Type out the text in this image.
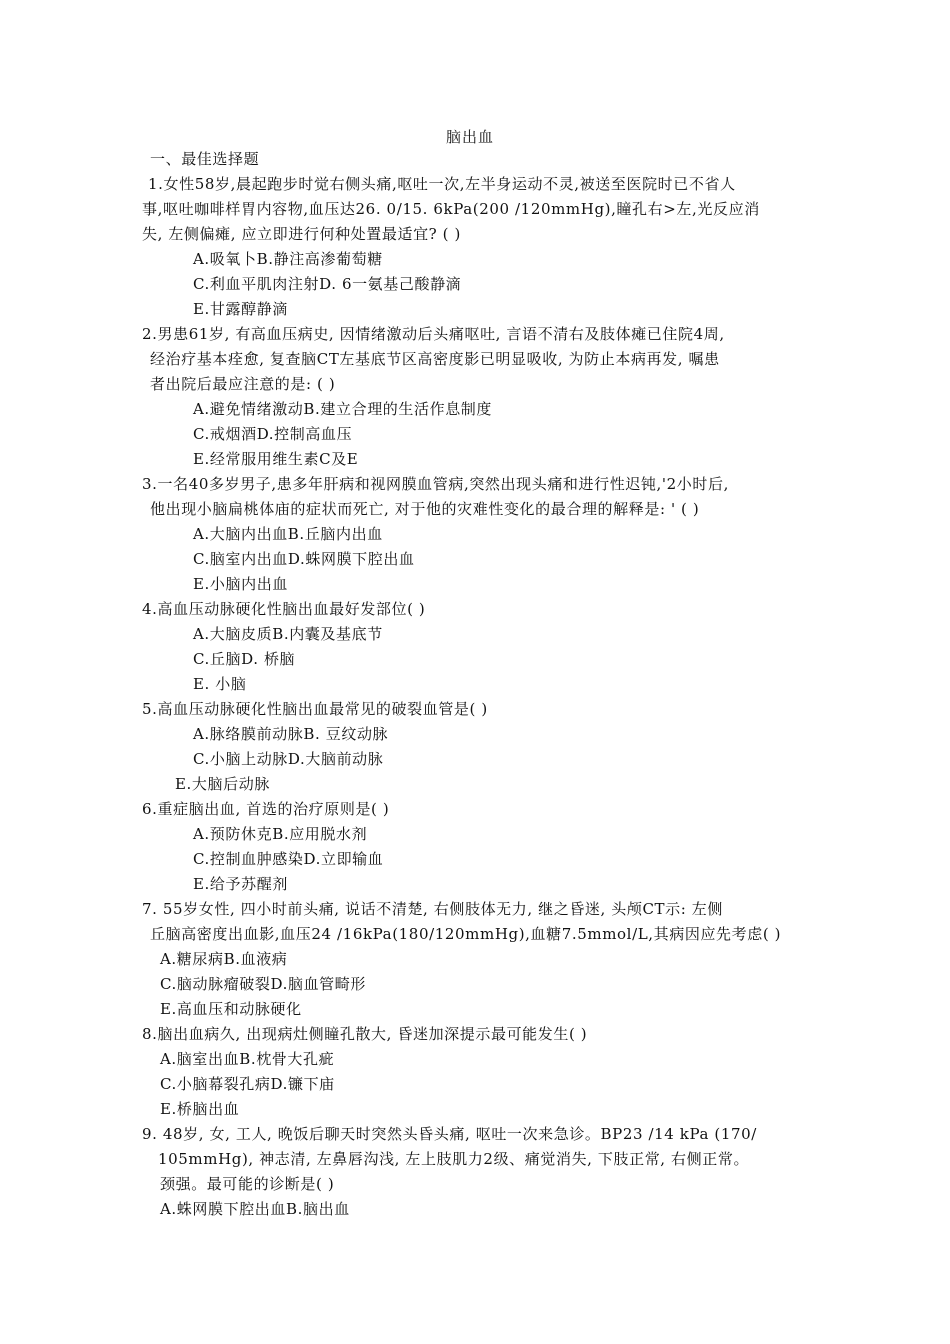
脑出血
一、最佳选择题
1.女性58岁,晨起跑步时觉右侧头痛,呕吐一次,左半身运动不灵,被送至医院时已不省人
事,呕吐咖啡样胃内容物,血压达26. 0/15. 6kPa(200 /120mmHg),瞳孔右>左,光反应消
失, 左侧偏瘫, 应立即进行何种处置最适宜? ( )
A.吸氧卜B.静注高渗葡萄糖
C.利血平肌肉注射D. 6一氨基己酸静滴
E.甘露醇静滴
2.男患61岁, 有高血压病史, 因情绪激动后头痛呕吐, 言语不清右及肢体瘫已住院4周,
经治疗基本痊愈, 复查脑CT左基底节区高密度影已明显吸收, 为防止本病再发, 嘱患
者出院后最应注意的是: ( )
A.避免情绪激动B.建立合理的生活作息制度
C.戒烟酒D.控制高血压
E.经常服用维生素C及E
3.一名40多岁男子,患多年肝病和视网膜血管病,突然出现头痛和进行性迟钝,'2小时后,
他出现小脑扁桃体庙的症状而死亡, 对于他的灾难性变化的最合理的解释是: ' ( )
A.大脑内出血B.丘脑内出血
C.脑室内出血D.蛛网膜下腔出血
E.小脑内出血
4.高血压动脉硬化性脑出血最好发部位( )
A.大脑皮质B.内囊及基底节
C.丘脑D. 桥脑
E. 小脑
5.高血压动脉硬化性脑出血最常见的破裂血管是( )
A.脉络膜前动脉B. 豆纹动脉
C.小脑上动脉D.大脑前动脉
E.大脑后动脉
6.重症脑出血, 首选的治疗原则是( )
A.预防休克B.应用脱水剂
C.控制血肿感染D.立即输血
E.给予苏醒剂
7. 55岁女性, 四小时前头痛, 说话不清楚, 右侧肢体无力, 继之昏迷, 头颅CT示: 左侧
丘脑高密度出血影,血压24 /16kPa(180/120mmHg),血糖7.5mmol/L,其病因应先考虑( )
A.糖尿病B.血液病
C.脑动脉瘤破裂D.脑血管畸形
E.高血压和动脉硬化
8.脑出血病久, 出现病灶侧瞳孔散大, 昏迷加深提示最可能发生( )
A.脑室出血B.枕骨大孔疵
C.小脑幕裂孔病D.镰下庙
E.桥脑出血
9. 48岁, 女, 工人, 晚饭后聊天时突然头昏头痛, 呕吐一次来急诊。BP23 /14 kPa (170/
105mmHg), 神志清, 左鼻唇沟浅, 左上肢肌力2级、痛觉消失, 下肢正常, 右侧正常。
颈强。最可能的诊断是( )
A.蛛网膜下腔出血B.脑出血
